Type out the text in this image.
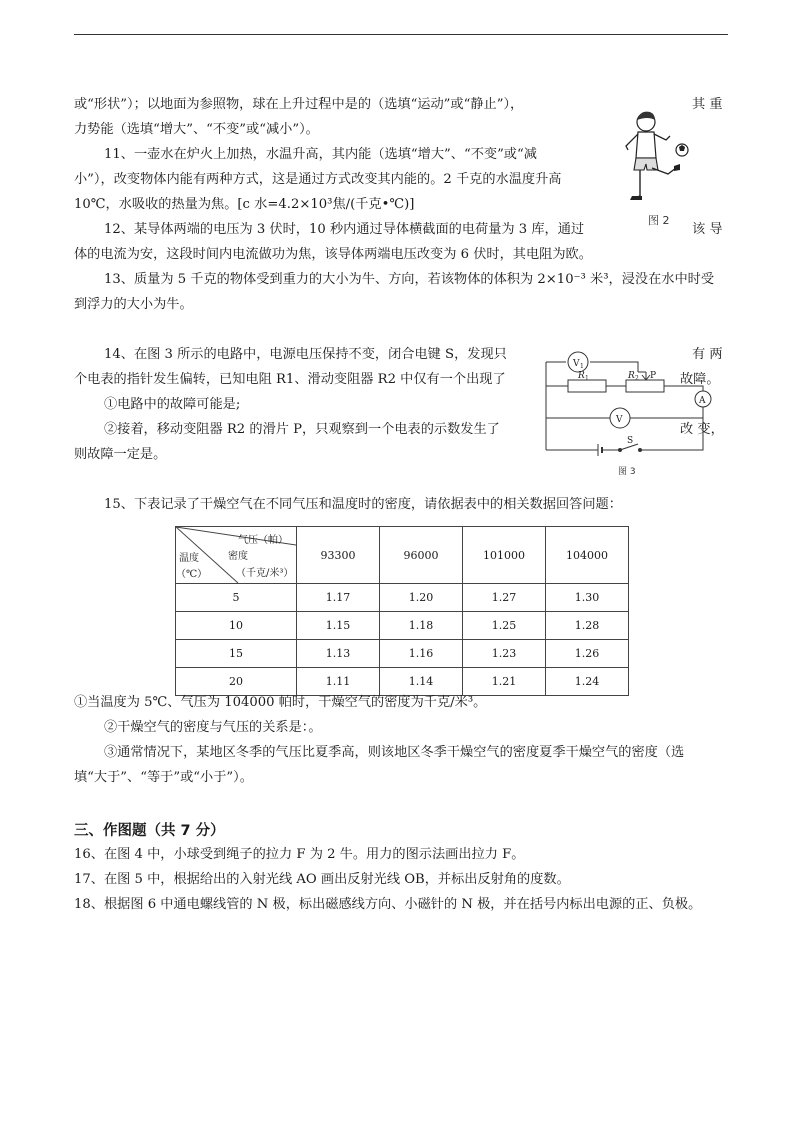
或“形状”）；以地面为参照物，球在上升过程中是的（选填“运动”或“静止”），	其 重
力势能（选填“增大”、“不变”或“减小”）。
11、一壶水在炉火上加热，水温升高，其内能（选填“增大”、“不变”或“减
小”），改变物体内能有两种方式，这是通过方式改变其内能的。2 千克的水温度升高
10℃，水吸收的热量为焦。[c 水=4.2×10³焦/(千克•℃)]
12、某导体两端的电压为 3 伏时，10 秒内通过导体横截面的电荷量为 3 库，通过	该 导
体的电流为安，这段时间内电流做功为焦，该导体两端电压改变为 6 伏时，其电阻为欧。
13、质量为 5 千克的物体受到重力的大小为牛、方向，若该物体的体积为 2×10⁻³ 米³，浸没在水中时受
到浮力的大小为牛。
图 2
14、在图 3 所示的电路中，电源电压保持不变，闭合电键 S，发现只	有 两
个电表的指针发生偏转，已知电阻 R1、滑动变阻器 R2 中仅有一个出现了	故障。
①电路中的故障可能是;
②接着，移动变阻器 R2 的滑片 P，只观察到一个电表的示数发生了	改 变，
则故障一定是。
V 1
A
V
R 1	R 2 P
S
图 3
15、下表记录了干燥空气在不同气压和温度时的密度，请依据表中的相关数据回答问题：
气压（帕）
密度
（千克/米³）
温度
（℃）	93300	96000	101000	104000
5	1.17	1.20	1.27	1.30
10	1.15	1.18	1.25	1.28
15	1.13	1.16	1.23	1.26
20	1.11	1.14	1.21	1.24
①当温度为 5℃、气压为 104000 帕时，干燥空气的密度为千克/米³。
②干燥空气的密度与气压的关系是：。
③通常情况下，某地区冬季的气压比夏季高，则该地区冬季干燥空气的密度夏季干燥空气的密度（选
填“大于”、“等于”或“小于”）。
三、作图题（共 7 分）
16、在图 4 中，小球受到绳子的拉力 F 为 2 牛。用力的图示法画出拉力 F。
17、在图 5 中，根据给出的入射光线 AO 画出反射光线 OB，并标出反射角的度数。
18、根据图 6 中通电螺线管的 N 极，标出磁感线方向、小磁针的 N 极，并在括号内标出电源的正、负极。
